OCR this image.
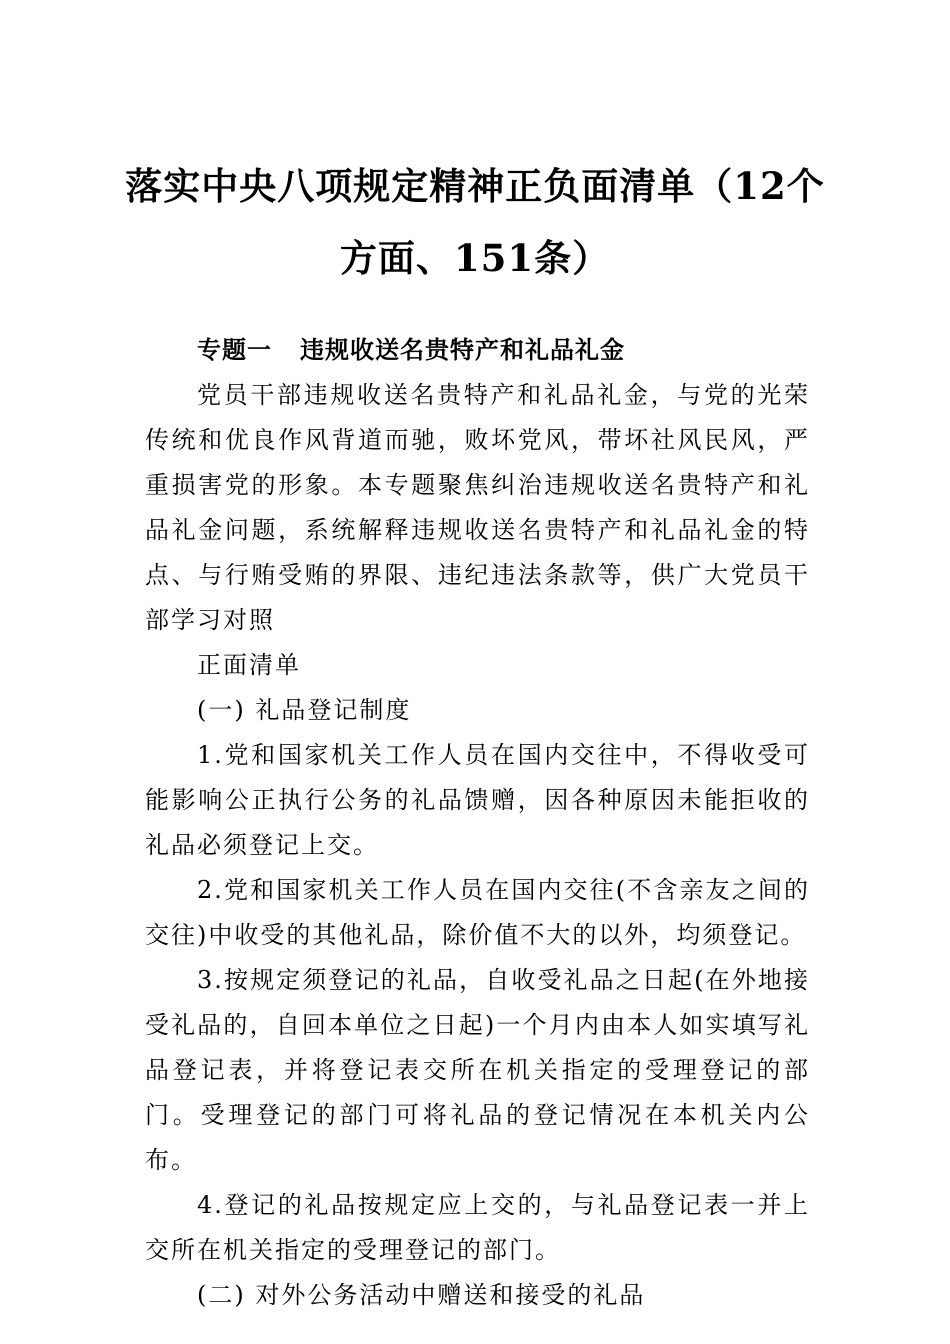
落实中央八项规定精神正负面清单（12个
方面、151条）

专题一 违规收送名贵特产和礼品礼金

党员干部违规收送名贵特产和礼品礼金，与党的光荣传统和优良作风背道而驰，败坏党风，带坏社风民风，严重损害党的形象。本专题聚焦纠治违规收送名贵特产和礼品礼金问题，系统解释违规收送名贵特产和礼品礼金的特点、与行贿受贿的界限、违纪违法条款等，供广大党员干部学习对照

正面清单

(一) 礼品登记制度

1.党和国家机关工作人员在国内交往中，不得收受可能影响公正执行公务的礼品馈赠，因各种原因未能拒收的礼品必须登记上交。

2.党和国家机关工作人员在国内交往(不含亲友之间的交往)中收受的其他礼品，除价值不大的以外，均须登记。

3.按规定须登记的礼品，自收受礼品之日起(在外地接受礼品的，自回本单位之日起)一个月内由本人如实填写礼品登记表，并将登记表交所在机关指定的受理登记的部门。受理登记的部门可将礼品的登记情况在本机关内公布。

4.登记的礼品按规定应上交的，与礼品登记表一并上交所在机关指定的受理登记的部门。

(二) 对外公务活动中赠送和接受的礼品
